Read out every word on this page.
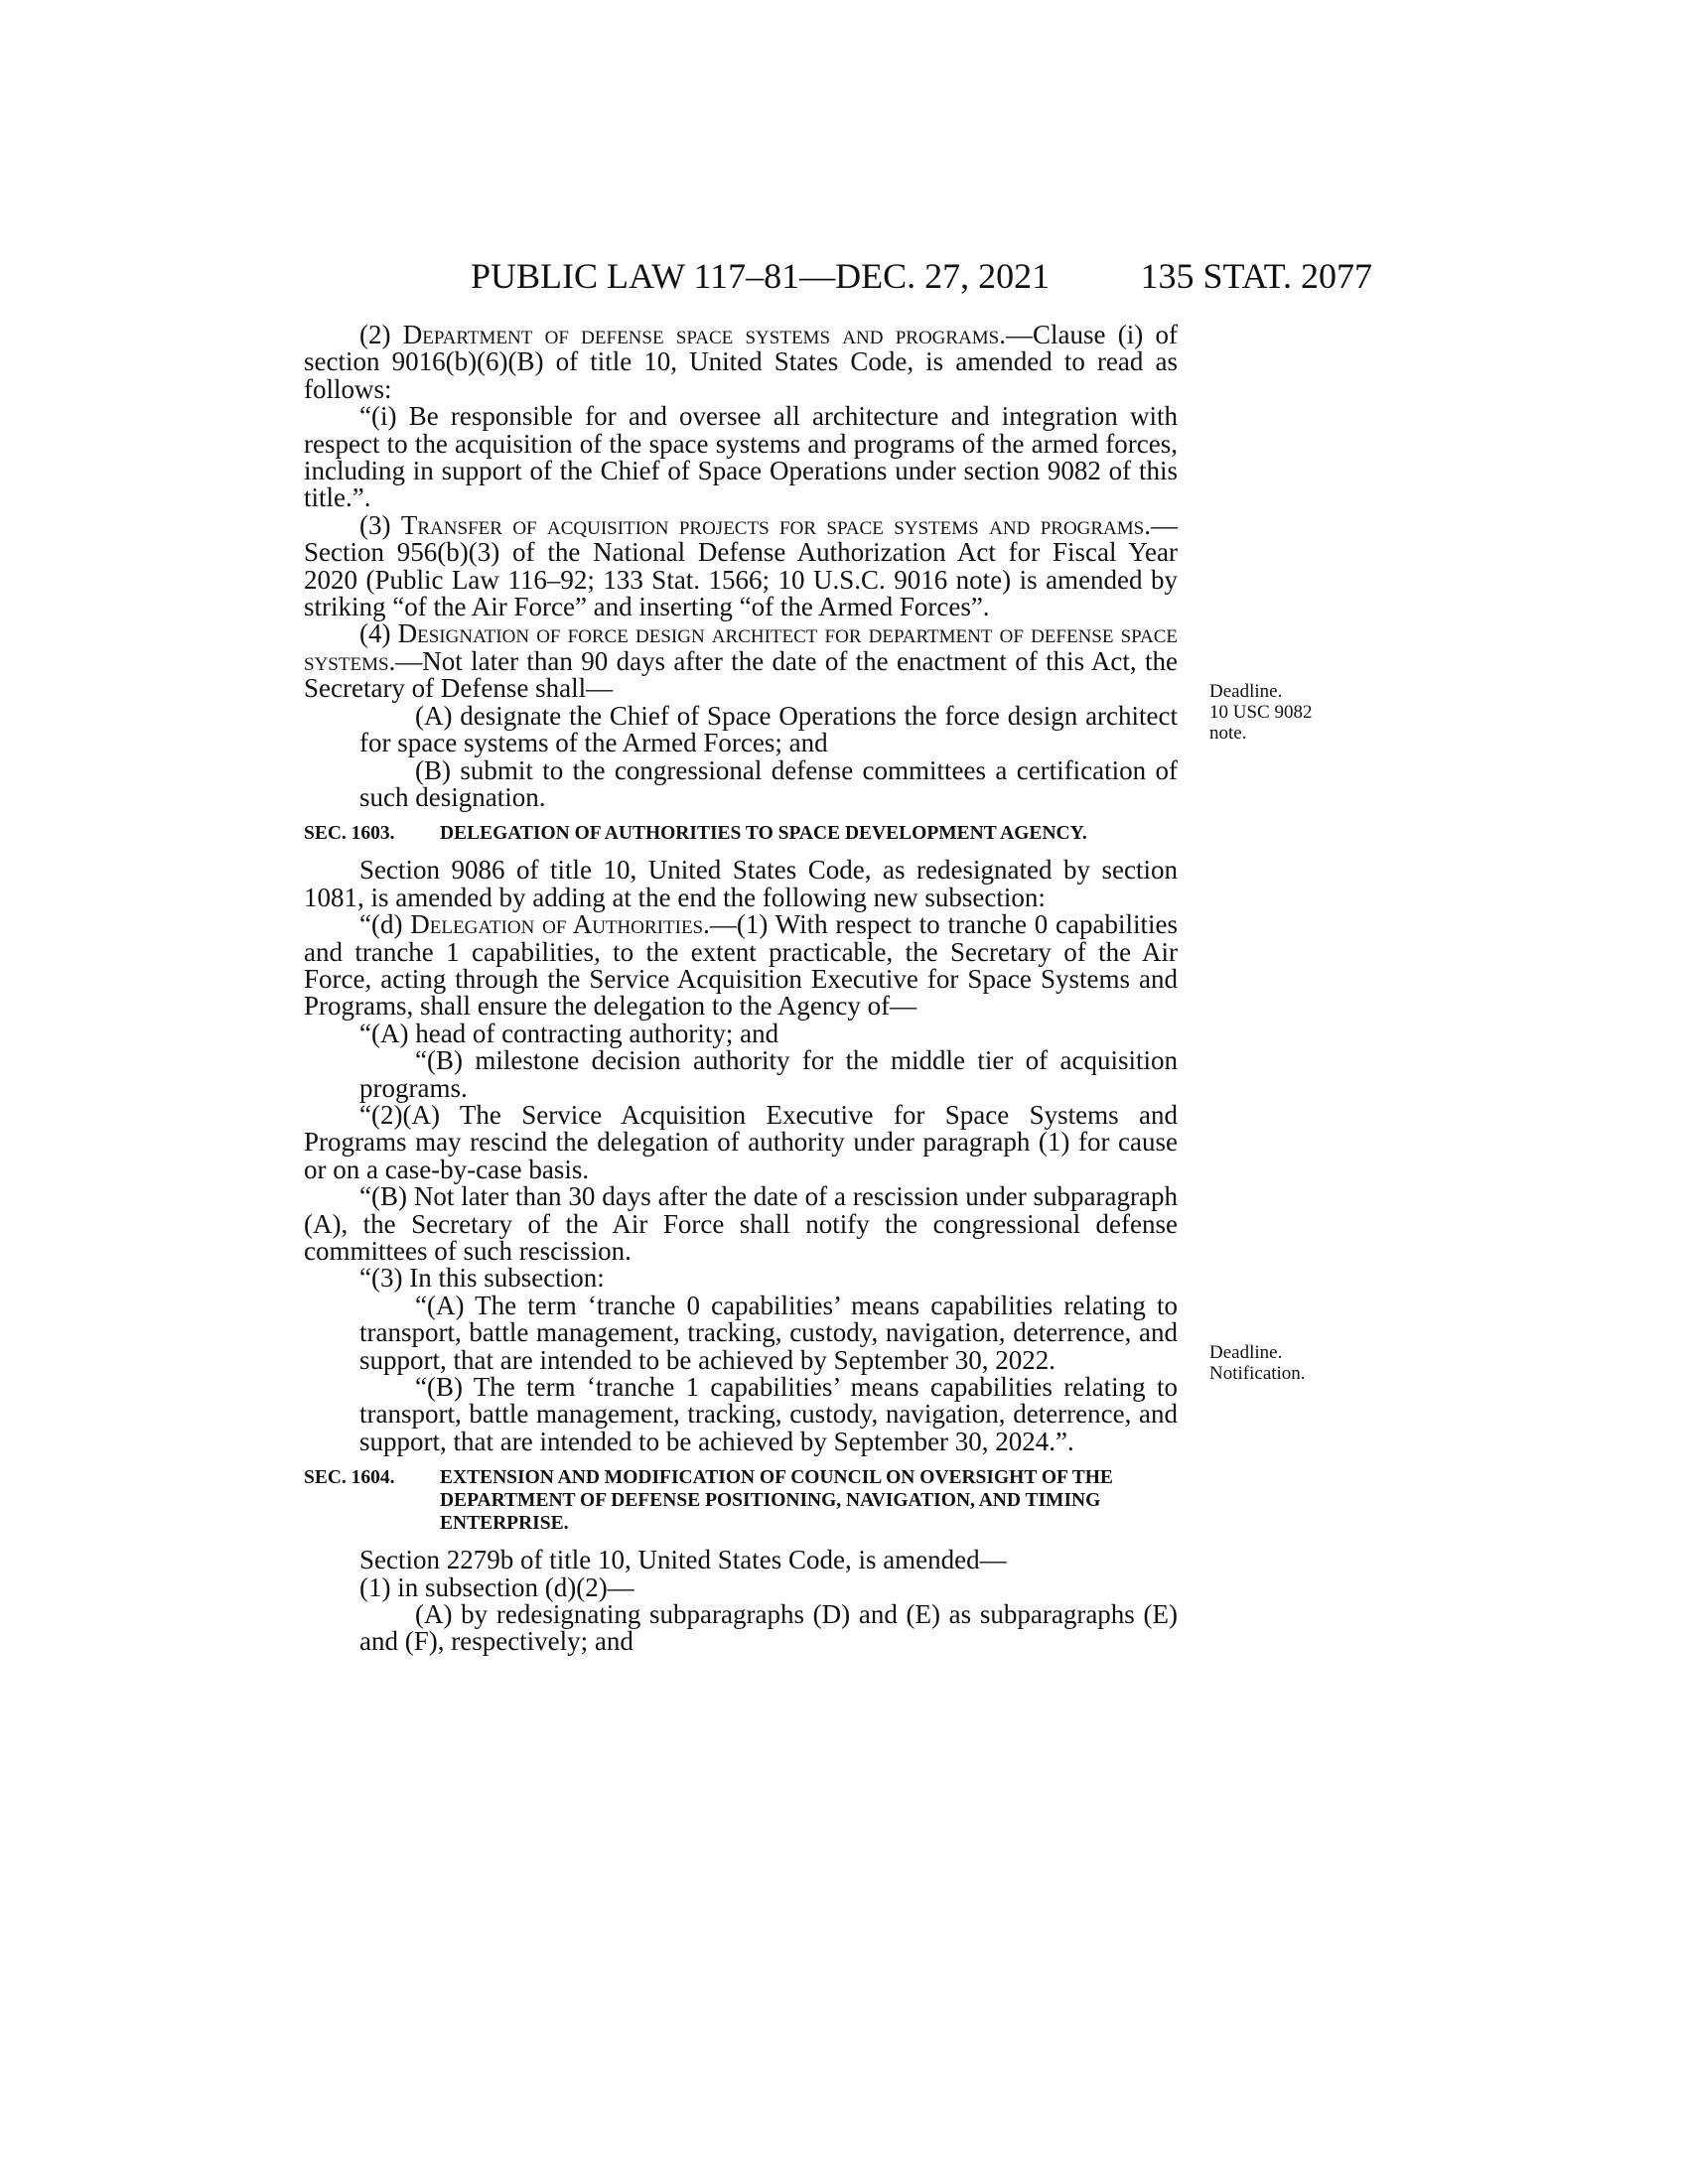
PUBLIC LAW 117–81—DEC. 27, 2021	135 STAT. 2077

(2) Department of defense space systems and programs.—Clause (i) of section 9016(b)(6)(B) of title 10, United States Code, is amended to read as follows:

“(i) Be responsible for and oversee all architecture and integration with respect to the acquisition of the space systems and programs of the armed forces, including in support of the Chief of Space Operations under section 9082 of this title.”.

(3) Transfer of acquisition projects for space systems and programs.—Section 956(b)(3) of the National Defense Authorization Act for Fiscal Year 2020 (Public Law 116–92; 133 Stat. 1566; 10 U.S.C. 9016 note) is amended by striking “of the Air Force” and inserting “of the Armed Forces”.

(4) Designation of force design architect for department of defense space systems.—Not later than 90 days after the date of the enactment of this Act, the Secretary of Defense shall—

(A) designate the Chief of Space Operations the force design architect for space systems of the Armed Forces; and

(B) submit to the congressional defense committees a certification of such designation.

SEC. 1603. DELEGATION OF AUTHORITIES TO SPACE DEVELOPMENT AGENCY.

Section 9086 of title 10, United States Code, as redesignated by section 1081, is amended by adding at the end the following new subsection:

“(d) Delegation of Authorities.—(1) With respect to tranche 0 capabilities and tranche 1 capabilities, to the extent practicable, the Secretary of the Air Force, acting through the Service Acquisition Executive for Space Systems and Programs, shall ensure the delegation to the Agency of—

“(A) head of contracting authority; and

“(B) milestone decision authority for the middle tier of acquisition programs.

“(2)(A) The Service Acquisition Executive for Space Systems and Programs may rescind the delegation of authority under paragraph (1) for cause or on a case-by-case basis.

“(B) Not later than 30 days after the date of a rescission under subparagraph (A), the Secretary of the Air Force shall notify the congressional defense committees of such rescission.

“(3) In this subsection:

“(A) The term ‘tranche 0 capabilities’ means capabilities relating to transport, battle management, tracking, custody, navigation, deterrence, and support, that are intended to be achieved by September 30, 2022.

“(B) The term ‘tranche 1 capabilities’ means capabilities relating to transport, battle management, tracking, custody, navigation, deterrence, and support, that are intended to be achieved by September 30, 2024.”.

SEC. 1604. EXTENSION AND MODIFICATION OF COUNCIL ON OVERSIGHT OF THE DEPARTMENT OF DEFENSE POSITIONING, NAVIGATION, AND TIMING ENTERPRISE.

Section 2279b of title 10, United States Code, is amended—

(1) in subsection (d)(2)—

(A) by redesignating subparagraphs (D) and (E) as subparagraphs (E) and (F), respectively; and

Deadline.
10 USC 9082
note.
Deadline.
Notification.
